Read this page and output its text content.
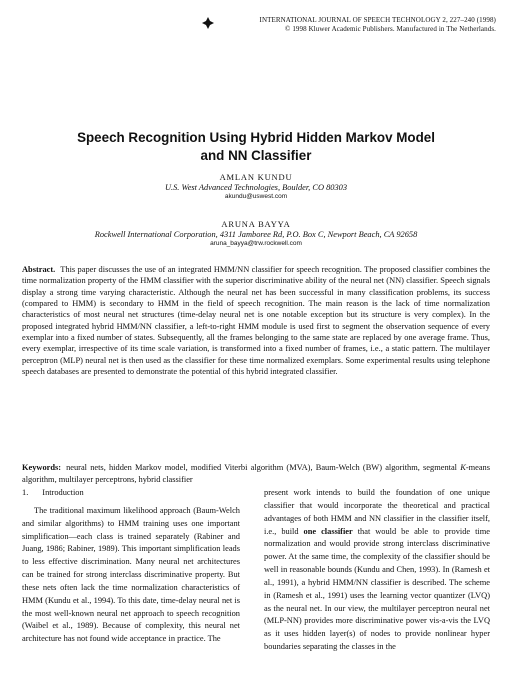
INTERNATIONAL JOURNAL OF SPEECH TECHNOLOGY 2, 227–240 (1998)
© 1998 Kluwer Academic Publishers. Manufactured in The Netherlands.
Speech Recognition Using Hybrid Hidden Markov Model
and NN Classifier
AMLAN KUNDU
U.S. West Advanced Technologies, Boulder, CO 80303
akundu@uswest.com
ARUNA BAYYA
Rockwell International Corporation, 4311 Jamboree Rd, P.O. Box C, Newport Beach, CA 92658
aruna_bayya@trw.rockwell.com
Abstract. This paper discusses the use of an integrated HMM/NN classifier for speech recognition. The proposed classifier combines the time normalization property of the HMM classifier with the superior discriminative ability of the neural net (NN) classifier. Speech signals display a strong time varying characteristic. Although the neural net has been successful in many classification problems, its success (compared to HMM) is secondary to HMM in the field of speech recognition. The main reason is the lack of time normalization characteristics of most neural net structures (time-delay neural net is one notable exception but its structure is very complex). In the proposed integrated hybrid HMM/NN classifier, a left-to-right HMM module is used first to segment the observation sequence of every exemplar into a fixed number of states. Subsequently, all the frames belonging to the same state are replaced by one average frame. Thus, every exemplar, irrespective of its time scale variation, is transformed into a fixed number of frames, i.e., a static pattern. The multilayer perceptron (MLP) neural net is then used as the classifier for these time normalized exemplars. Some experimental results using telephone speech databases are presented to demonstrate the potential of this hybrid integrated classifier.
Keywords: neural nets, hidden Markov model, modified Viterbi algorithm (MVA), Baum-Welch (BW) algorithm, segmental K-means algorithm, multilayer perceptrons, hybrid classifier
1. Introduction

The traditional maximum likelihood approach (Baum-Welch and similar algorithms) to HMM training uses one important simplification—each class is trained separately (Rabiner and Juang, 1986; Rabiner, 1989). This important simplification leads to less effective discrimination. Many neural net architectures can be trained for strong interclass discriminative property. But these nets often lack the time normalization characteristics of HMM (Kundu et al., 1994). To this date, time-delay neural net is the most well-known neural net approach to speech recognition (Waibel et al., 1989). Because of complexity, this neural net architecture has not found wide acceptance in practice. The

present work intends to build the foundation of one unique classifier that would incorporate the theoretical and practical advantages of both HMM and NN classifier in the classifier itself, i.e., build one classifier that would be able to provide time normalization and would provide strong interclass discriminative power. At the same time, the complexity of the classifier should be well in reasonable bounds (Kundu and Chen, 1993). In (Ramesh et al., 1991), a hybrid HMM/NN classifier is described. The scheme in (Ramesh et al., 1991) uses the learning vector quantizer (LVQ) as the neural net. In our view, the multilayer perceptron neural net (MLP-NN) provides more discriminative power vis-a-vis the LVQ as it uses hidden layer(s) of nodes to provide nonlinear hyper boundaries separating the classes in the
